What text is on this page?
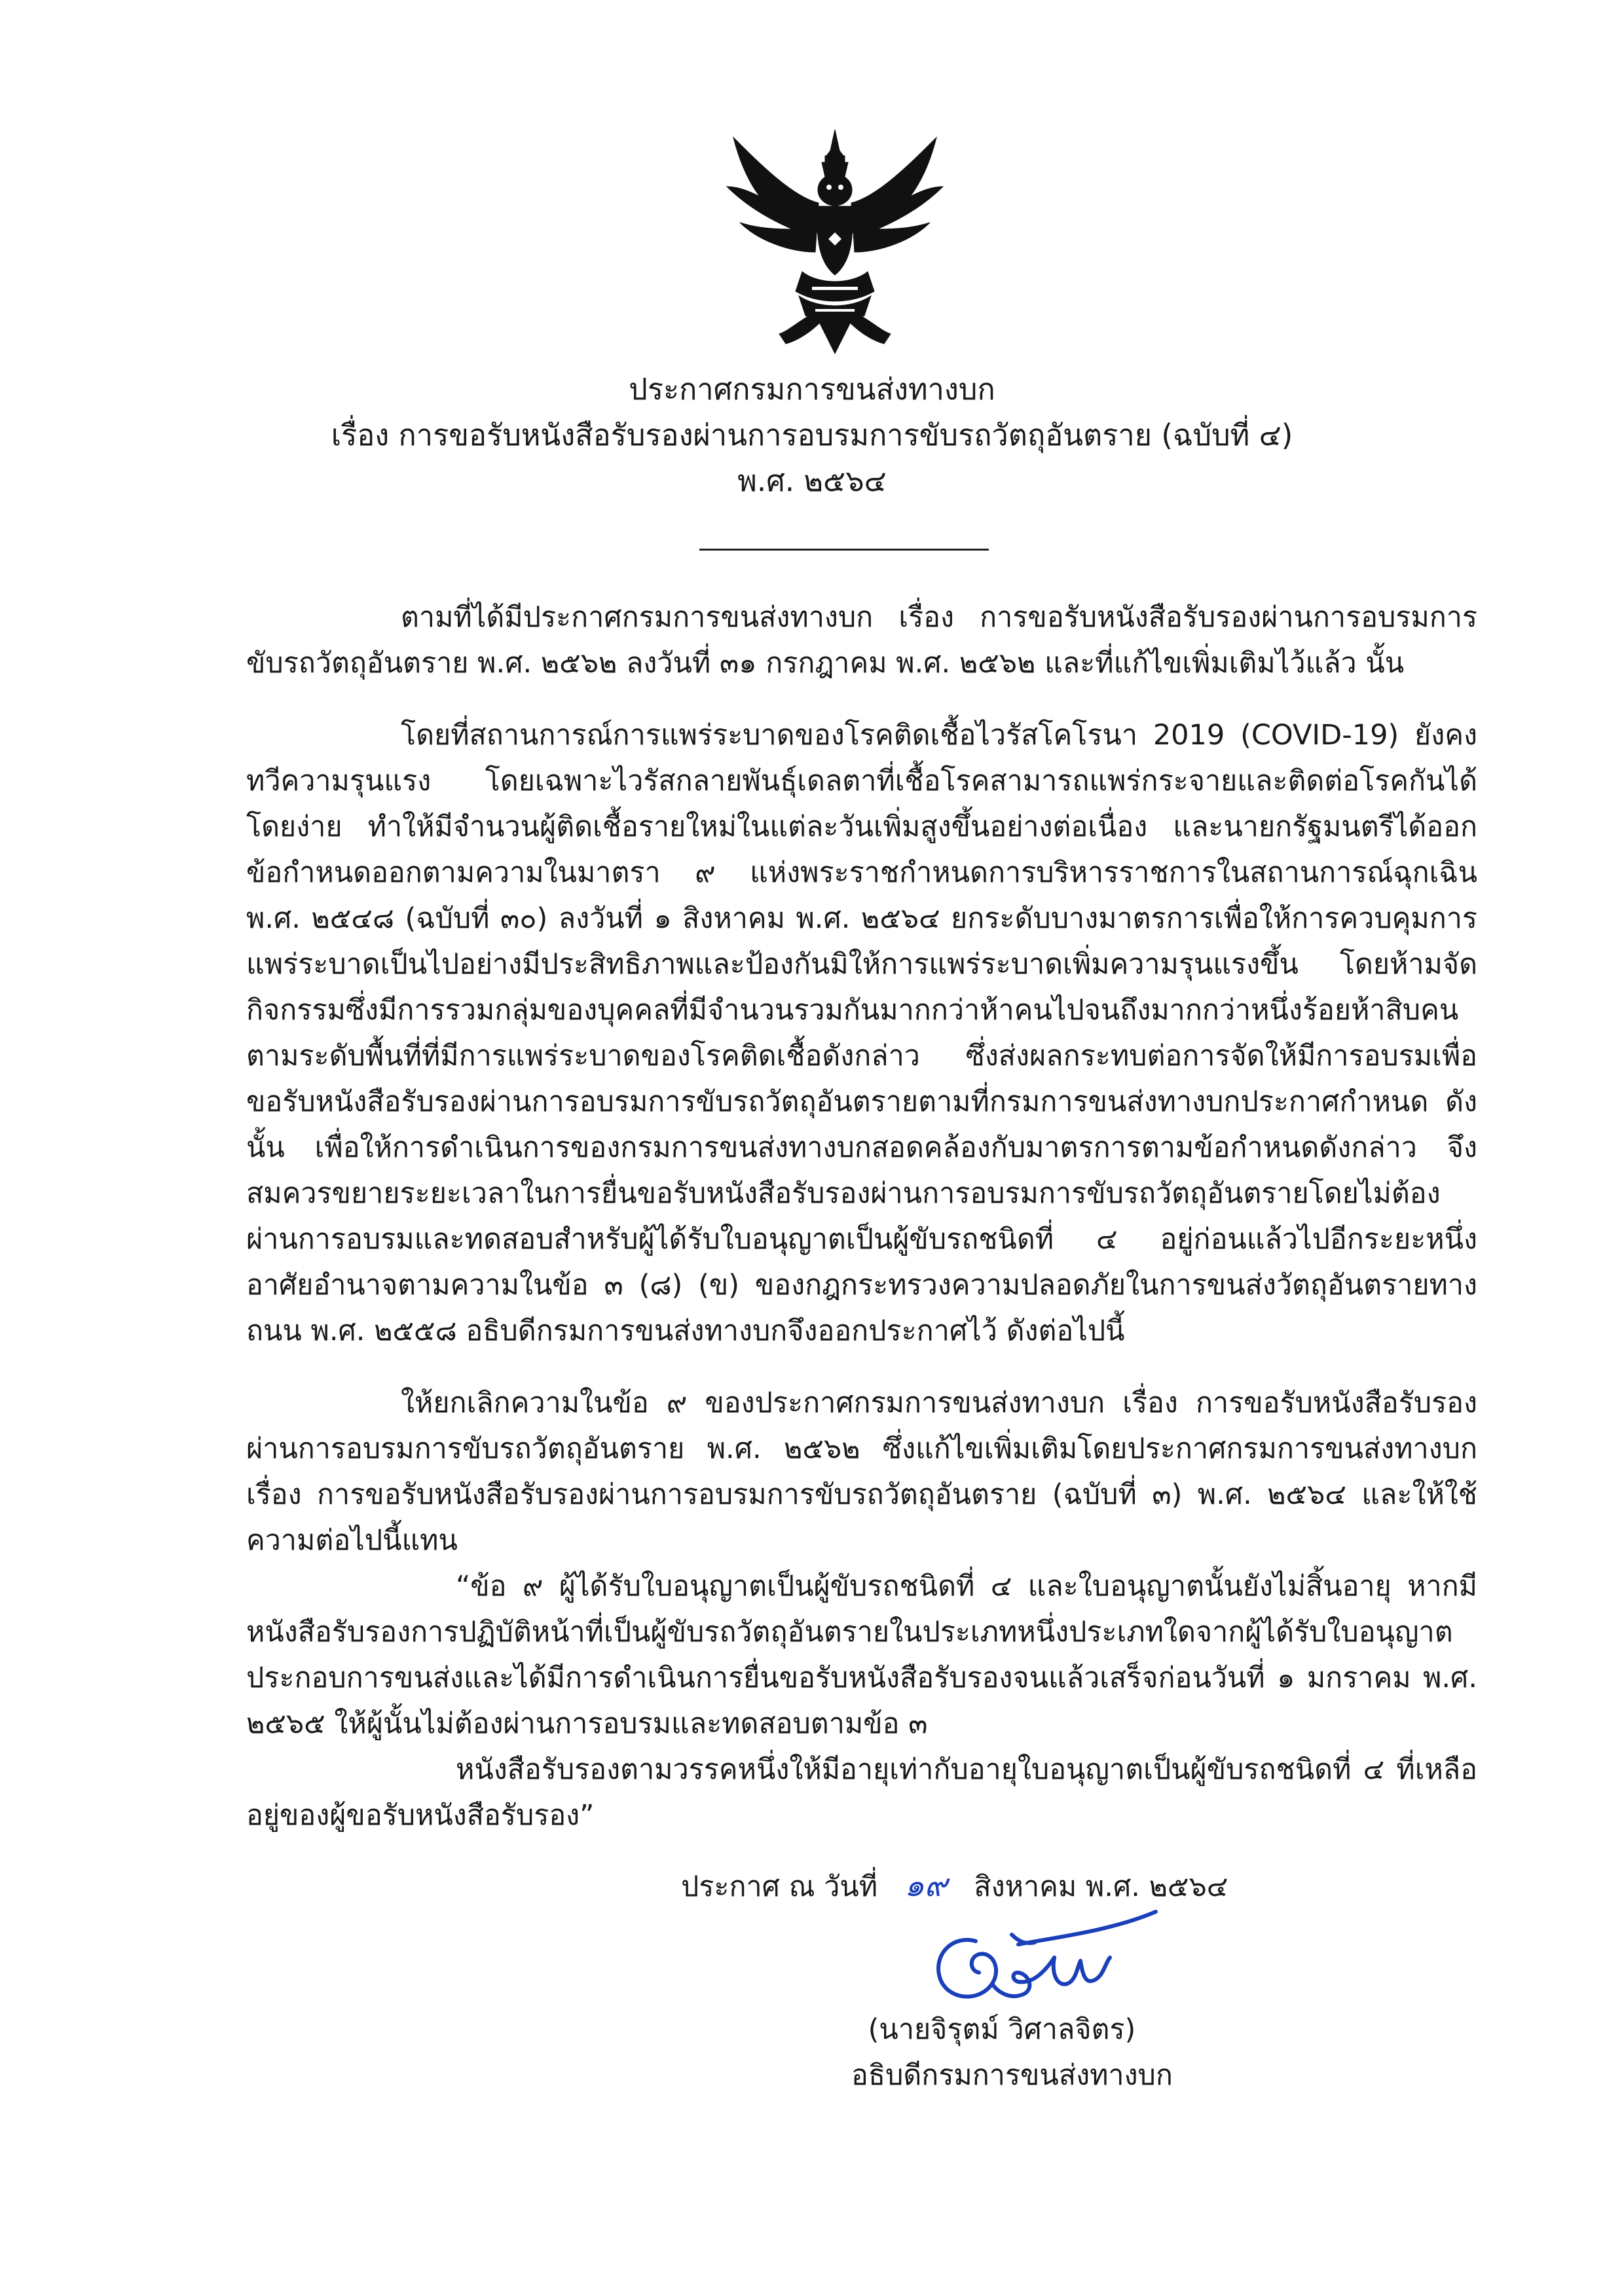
ประกาศกรมการขนส่งทางบก
เรื่อง การขอรับหนังสือรับรองผ่านการอบรมการขับรถวัตถุอันตราย (ฉบับที่ ๔)
พ.ศ. ๒๕๖๔

ตามที่ได้มีประกาศกรมการขนส่งทางบก เรื่อง การขอรับหนังสือรับรองผ่านการอบรมการขับรถวัตถุอันตราย พ.ศ. ๒๕๖๒ ลงวันที่ ๓๑ กรกฎาคม พ.ศ. ๒๕๖๒ และที่แก้ไขเพิ่มเติมไว้แล้ว นั้น

โดยที่สถานการณ์การแพร่ระบาดของโรคติดเชื้อไวรัสโคโรนา 2019 (COVID-19) ยังคงทวีความรุนแรง โดยเฉพาะไวรัสกลายพันธุ์เดลตาที่เชื้อโรคสามารถแพร่กระจายและติดต่อโรคกันได้โดยง่าย ทำให้มีจำนวนผู้ติดเชื้อรายใหม่ในแต่ละวันเพิ่มสูงขึ้นอย่างต่อเนื่อง และนายกรัฐมนตรีได้ออกข้อกำหนดออกตามความในมาตรา ๙ แห่งพระราชกำหนดการบริหารราชการในสถานการณ์ฉุกเฉิน พ.ศ. ๒๕๔๘ (ฉบับที่ ๓๐) ลงวันที่ ๑ สิงหาคม พ.ศ. ๒๕๖๔ ยกระดับบางมาตรการเพื่อให้การควบคุมการแพร่ระบาดเป็นไปอย่างมีประสิทธิภาพและป้องกันมิให้การแพร่ระบาดเพิ่มความรุนแรงขึ้น โดยห้ามจัดกิจกรรมซึ่งมีการรวมกลุ่มของบุคคลที่มีจำนวนรวมกันมากกว่าห้าคนไปจนถึงมากกว่าหนึ่งร้อยห้าสิบคนตามระดับพื้นที่ที่มีการแพร่ระบาดของโรคติดเชื้อดังกล่าว ซึ่งส่งผลกระทบต่อการจัดให้มีการอบรมเพื่อขอรับหนังสือรับรองผ่านการอบรมการขับรถวัตถุอันตรายตามที่กรมการขนส่งทางบกประกาศกำหนด ดังนั้น เพื่อให้การดำเนินการของกรมการขนส่งทางบกสอดคล้องกับมาตรการตามข้อกำหนดดังกล่าว จึงสมควรขยายระยะเวลาในการยื่นขอรับหนังสือรับรองผ่านการอบรมการขับรถวัตถุอันตรายโดยไม่ต้องผ่านการอบรมและทดสอบสำหรับผู้ได้รับใบอนุญาตเป็นผู้ขับรถชนิดที่ ๔ อยู่ก่อนแล้วไปอีกระยะหนึ่ง อาศัยอำนาจตามความในข้อ ๓ (๘) (ข) ของกฎกระทรวงความปลอดภัยในการขนส่งวัตถุอันตรายทางถนน พ.ศ. ๒๕๕๘ อธิบดีกรมการขนส่งทางบกจึงออกประกาศไว้ ดังต่อไปนี้

ให้ยกเลิกความในข้อ ๙ ของประกาศกรมการขนส่งทางบก เรื่อง การขอรับหนังสือรับรองผ่านการอบรมการขับรถวัตถุอันตราย พ.ศ. ๒๕๖๒ ซึ่งแก้ไขเพิ่มเติมโดยประกาศกรมการขนส่งทางบก เรื่อง การขอรับหนังสือรับรองผ่านการอบรมการขับรถวัตถุอันตราย (ฉบับที่ ๓) พ.ศ. ๒๕๖๔ และให้ใช้ความต่อไปนี้แทน

“ข้อ ๙ ผู้ได้รับใบอนุญาตเป็นผู้ขับรถชนิดที่ ๔ และใบอนุญาตนั้นยังไม่สิ้นอายุ หากมีหนังสือรับรองการปฏิบัติหน้าที่เป็นผู้ขับรถวัตถุอันตรายในประเภทหนึ่งประเภทใดจากผู้ได้รับใบอนุญาตประกอบการขนส่งและได้มีการดำเนินการยื่นขอรับหนังสือรับรองจนแล้วเสร็จก่อนวันที่ ๑ มกราคม พ.ศ. ๒๕๖๕ ให้ผู้นั้นไม่ต้องผ่านการอบรมและทดสอบตามข้อ ๓

หนังสือรับรองตามวรรคหนึ่งให้มีอายุเท่ากับอายุใบอนุญาตเป็นผู้ขับรถชนิดที่ ๔ ที่เหลืออยู่ของผู้ขอรับหนังสือรับรอง”

ประกาศ ณ วันที่ ๑๙ สิงหาคม พ.ศ. ๒๕๖๔
(นายจิรุตม์ วิศาลจิตร)
อธิบดีกรมการขนส่งทางบก
